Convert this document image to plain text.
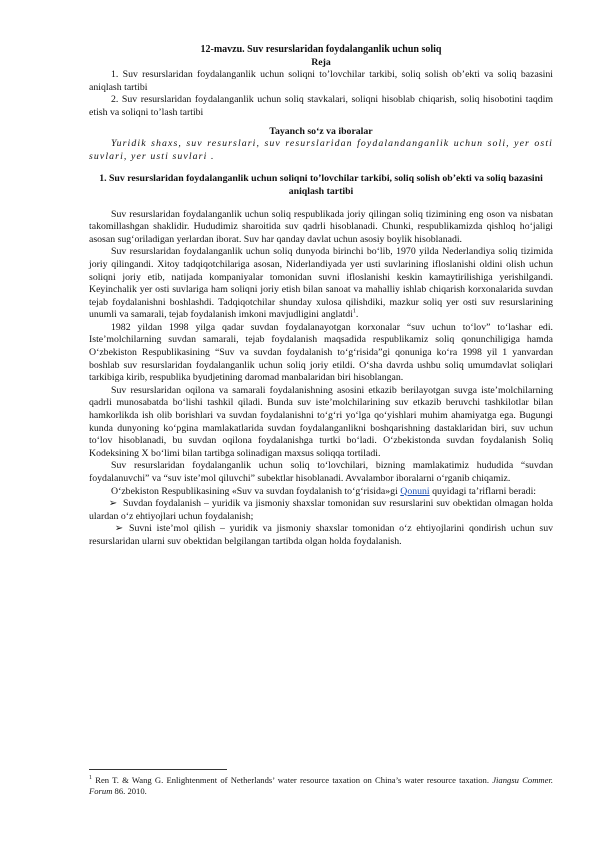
12-mavzu. Suv resurslaridan foydalanganlik uchun soliq

Reja

1. Suv resurslaridan foydalanganlik uchun soliqni to’lovchilar tarkibi, soliq solish ob’ekti va soliq bazasini aniqlash tartibi

2. Suv resurslaridan foydalanganlik uchun soliq stavkalari, soliqni hisoblab chiqarish, soliq hisobotini taqdim etish va soliqni to’lash tartibi

Tayanch so‘z va iboralar

Yuridik shaxs, suv resurslari, suv resurslaridan foydalandanganlik uchun soli, yer osti suvlari, yer usti suvlari .

1. Suv resurslaridan foydalanganlik uchun soliqni to’lovchilar tarkibi, soliq solish ob’ekti va soliq bazasini aniqlash tartibi

Suv resurslaridan foydalanganlik uchun soliq respublikada joriy qilingan soliq tizimining eng oson va nisbatan takomillashgan shaklidir. Hududimiz sharoitida suv qadrli hisoblanadi. Chunki, respublikamizda qishloq ho‘jaligi asosan sug‘oriladigan yerlardan iborat. Suv har qanday davlat uchun asosiy boylik hisoblanadi.

Suv resurslaridan foydalanganlik uchun soliq dunyoda birinchi bo‘lib, 1970 yilda Nederlandiya soliq tizimida joriy qilingandi. Xitoy tadqiqotchilariga asosan, Niderlandiyada yer usti suvlarining ifloslanishi oldini olish uchun soliqni joriy etib, natijada kompaniyalar tomonidan suvni ifloslanishi keskin kamaytirilishiga yerishilgandi. Keyinchalik yer osti suvlariga ham soliqni joriy etish bilan sanoat va mahalliy ishlab chiqarish korxonalarida suvdan tejab foydalanishni boshlashdi. Tadqiqotchilar shunday xulosa qilishdiki, mazkur soliq yer osti suv resurslarining unumli va samarali, tejab foydalanish imkoni mavjudligini anglatdi$^1$.

1982 yildan 1998 yilga qadar suvdan foydalanayotgan korxonalar “suv uchun to‘lov” to‘lashar edi. Iste’molchilarning suvdan samarali, tejab foydalanish maqsadida respublikamiz soliq qonunchiligiga hamda O‘zbekiston Respublikasining “Suv va suvdan foydalanish to‘g‘risida”gi qonuniga ko‘ra 1998 yil 1 yanvardan boshlab suv resurslaridan foydalanganlik uchun soliq joriy etildi. O‘sha davrda ushbu soliq umumdavlat soliqlari tarkibiga kirib, respublika byudjetining daromad manbalaridan biri hisoblangan.

Suv resurslaridan oqilona va samarali foydalanishning asosini etkazib berilayotgan suvga iste’molchilarning qadrli munosabatda bo‘lishi tashkil qiladi. Bunda suv iste’molchilarining suv etkazib beruvchi tashkilotlar bilan hamkorlikda ish olib borishlari va suvdan foydalanishni to‘g‘ri yo‘lga qo‘yishlari muhim ahamiyatga ega. Bugungi kunda dunyoning ko‘pgina mamlakatlarida suvdan foydalanganlikni boshqarishning dastaklaridan biri, suv uchun to‘lov hisoblanadi, bu suvdan oqilona foydalanishga turtki bo‘ladi. O‘zbekistonda suvdan foydalanish Soliq Kodeksining X bo‘limi bilan tartibga solinadigan maxsus soliqqa tortiladi.

Suv resurslaridan foydalanganlik uchun soliq to‘lovchilari, bizning mamlakatimiz hududida “suvdan foydalanuvchi” va “suv iste’mol qiluvchi” subektlar hisoblanadi. Avvalambor iboralarni o‘rganib chiqamiz.

O‘zbekiston Respublikasining «Suv va suvdan foydalanish to‘g‘risida»gi Qonuni quyidagi ta’riflarni beradi:

➢ Suvdan foydalanish – yuridik va jismoniy shaxslar tomonidan suv resurslarini suv obektidan olmagan holda ulardan o‘z ehtiyojlari uchun foydalanish;

➢ Suvni iste’mol qilish – yuridik va jismoniy shaxslar tomonidan o‘z ehtiyojlarini qondirish uchun suv resurslaridan ularni suv obektidan belgilangan tartibda olgan holda foydalanish.

$^1$ Ren T. & Wang G. Enlightenment of Netherlands’ water resource taxation on China’s water resource taxation. Jiangsu Commer. Forum 86. 2010.
